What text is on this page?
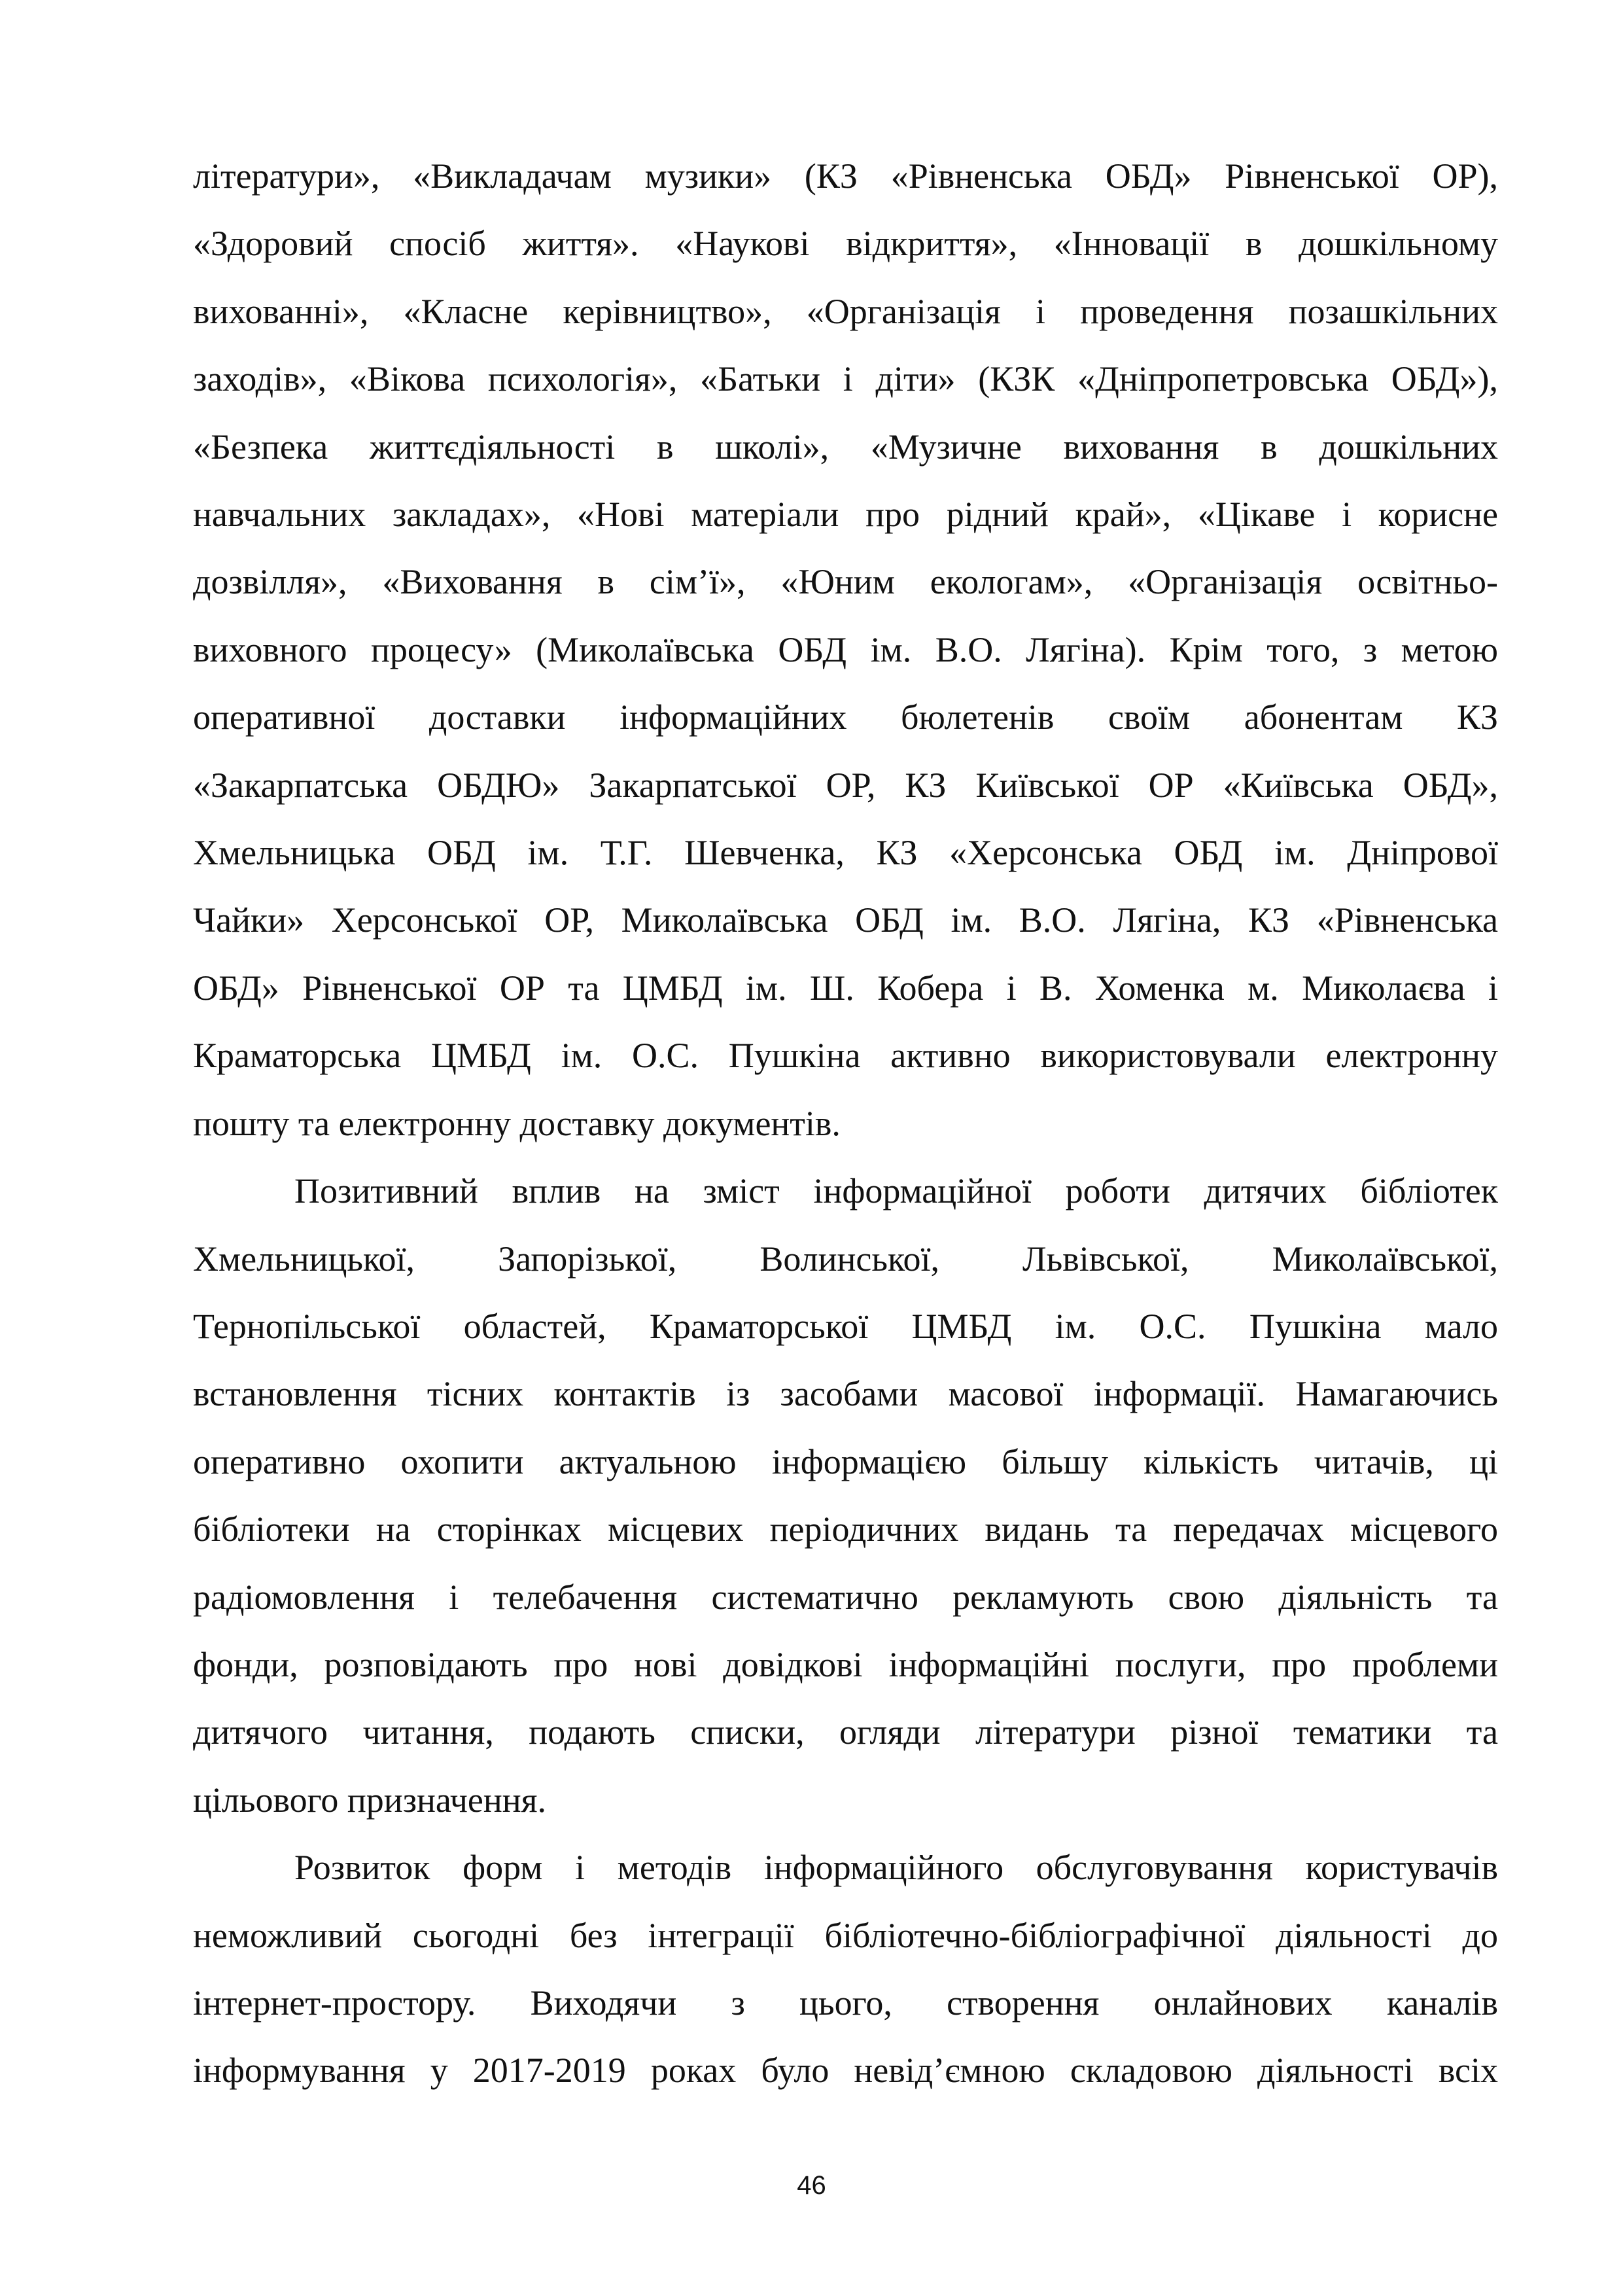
літератури», «Викладачам музики» (КЗ «Рівненська ОБД» Рівненської ОР),
«Здоровий спосіб життя». «Наукові відкриття», «Інновації в дошкільному
вихованні», «Класне керівництво», «Організація і проведення позашкільних
заходів», «Вікова психологія», «Батьки і діти» (КЗК «Дніпропетровська ОБД»),
«Безпека життєдіяльності в школі», «Музичне виховання в дошкільних
навчальних закладах», «Нові матеріали про рідний край», «Цікаве і корисне
дозвілля», «Виховання в сім’ї», «Юним екологам», «Організація освітньо-
виховного процесу» (Миколаївська ОБД ім. В.О. Лягіна). Крім того, з метою
оперативної доставки інформаційних бюлетенів своїм абонентам КЗ
«Закарпатська ОБДЮ» Закарпатської ОР, КЗ Київської ОР «Київська ОБД»,
Хмельницька ОБД ім. Т.Г. Шевченка, КЗ «Херсонська ОБД ім. Дніпрової
Чайки» Херсонської ОР, Миколаївська ОБД ім. В.О. Лягіна, КЗ «Рівненська
ОБД» Рівненської ОР та ЦМБД ім. Ш. Кобера і В. Хоменка м. Миколаєва і
Краматорська ЦМБД ім. О.С. Пушкіна активно використовували електронну
пошту та електронну доставку документів.

Позитивний вплив на зміст інформаційної роботи дитячих бібліотек
Хмельницької, Запорізької, Волинської, Львівської, Миколаївської,
Тернопільської областей, Краматорської ЦМБД ім. О.С. Пушкіна мало
встановлення тісних контактів із засобами масової інформації. Намагаючись
оперативно охопити актуальною інформацією більшу кількість читачів, ці
бібліотеки на сторінках місцевих періодичних видань та передачах місцевого
радіомовлення і телебачення систематично рекламують свою діяльність та
фонди, розповідають про нові довідкові інформаційні послуги, про проблеми
дитячого читання, подають списки, огляди літератури різної тематики та
цільового призначення.

Розвиток форм і методів інформаційного обслуговування користувачів
неможливий сьогодні без інтеграції бібліотечно-бібліографічної діяльності до
інтернет-простору. Виходячи з цього, створення онлайнових каналів
інформування у 2017-2019 роках було невід’ємною складовою діяльності всіх

46
